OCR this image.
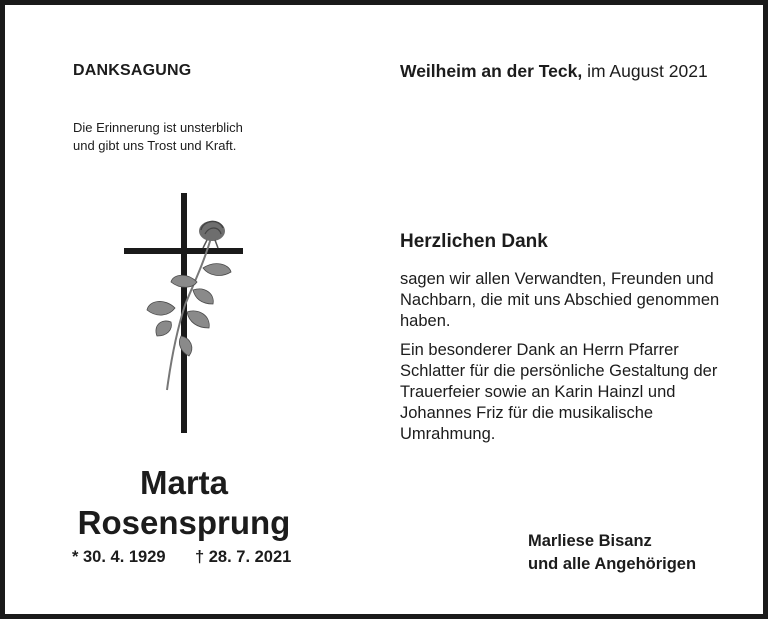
DANKSAGUNG	Weilheim an der Teck, im August 2021
Die Erinnerung ist unsterblich
und gibt uns Trost und Kraft.
Herzlichen Dank
sagen wir allen Verwandten, Freunden und Nachbarn, die mit uns Abschied genommen haben.
Ein besonderer Dank an Herrn Pfarrer Schlatter für die persönliche Gestaltung der Trauerfeier sowie an Karin Hainzl und Johannes Friz für die musikalische Umrahmung.
Marta
Rosensprung
* 30. 4. 1929 † 28. 7. 2021
Marliese Bisanz
und alle Angehörigen
